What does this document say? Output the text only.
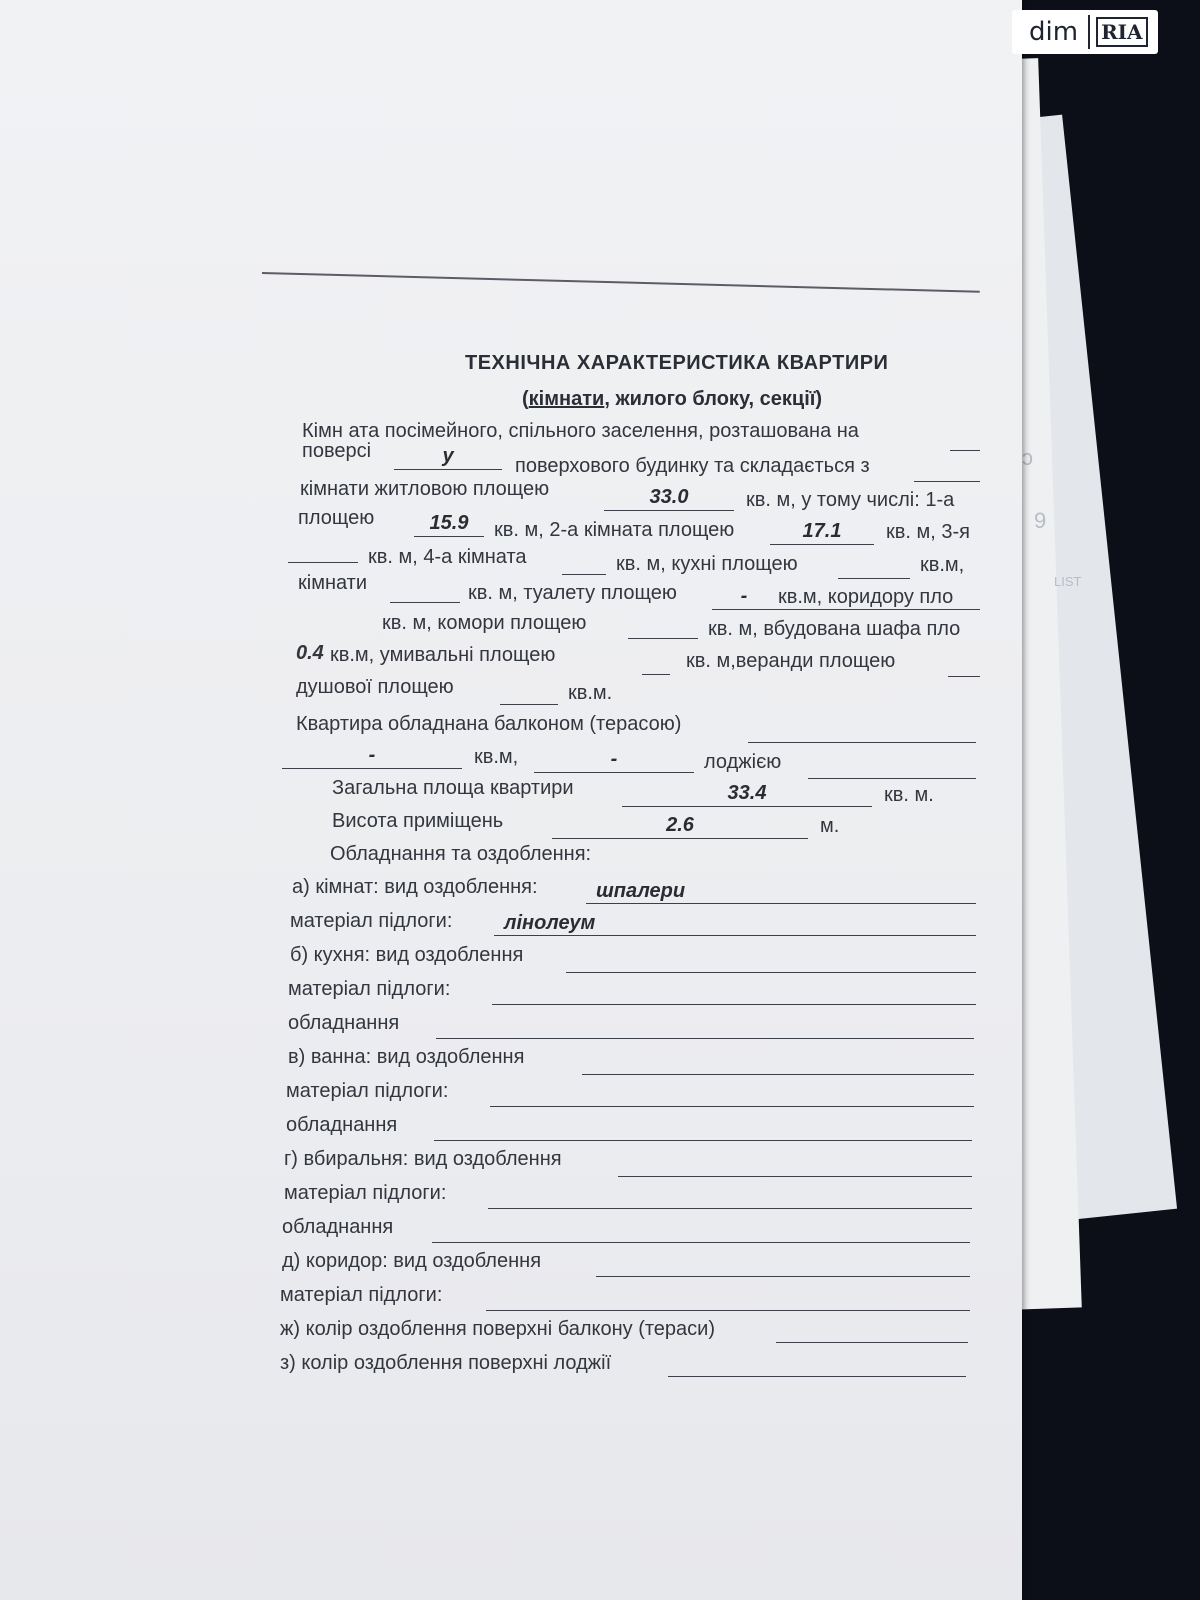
ɔ
9
LIST
ТЕХНІЧНА ХАРАКТЕРИСТИКА КВАРТИРИ
(кімнати, жилого блоку, секції)
Кімн ата посімейного, спільного заселення, розташована на
поверсі	у	поверхового будинку та складається з
кімнати житловою площею	33.0	кв. м, у тому числі: 1-а
площею	15.9	кв. м, 2-а кімната площею	17.1	кв. м, 3-я
кв. м, 4-а кімната	кв. м, кухні площею	кв.м,
кімнати	кв. м, туалету площею	-	кв.м, коридору пло
кв. м, комори площею	кв. м, вбудована шафа пло
0.4 кв.м, умивальні площею	кв. м,веранди площею
душової площею	кв.м.
Квартира обладнана балконом (терасою)
-	кв.м,	-	лоджією
Загальна площа квартири	33.4	кв. м.
Висота приміщень	2.6	м.
Обладнання та оздоблення:
а) кімнат: вид оздоблення:	шпалери
матеріал підлоги:	лінолеум
б) кухня: вид оздоблення
матеріал підлоги:
обладнання
в) ванна: вид оздоблення
матеріал підлоги:
обладнання
г) вбиральня: вид оздоблення
матеріал підлоги:
обладнання
д) коридор: вид оздоблення
матеріал підлоги:
ж) колір оздоблення поверхні балкону (тераси)
з) колір оздоблення поверхні лоджії
dim RIA
